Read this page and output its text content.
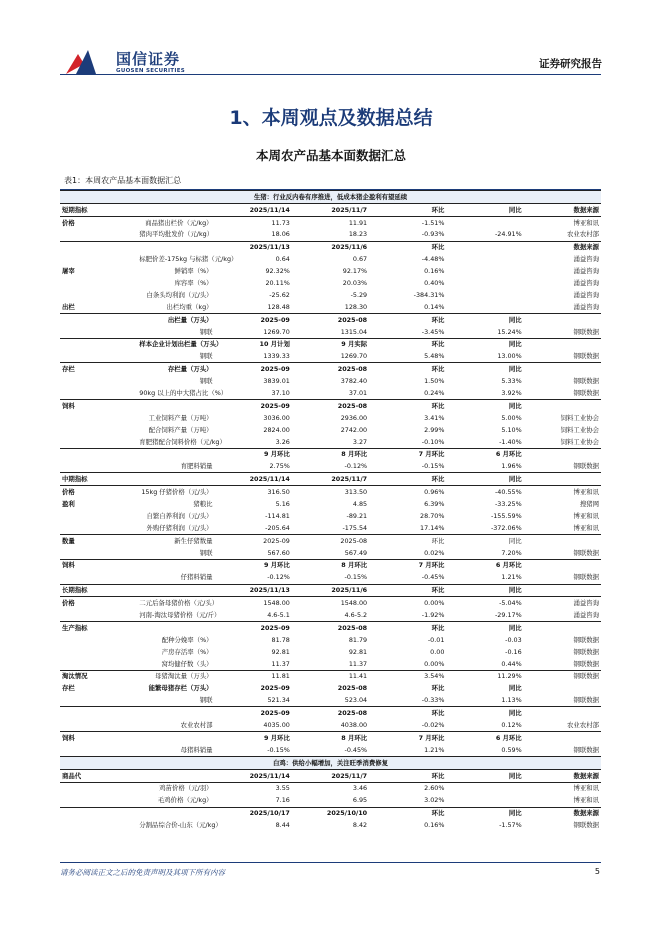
国信证券
GUOSEN SECURITIES
证券研究报告
1、本周观点及数据总结
本周农产品基本面数据汇总
表1：本周农产品基本面数据汇总
生猪：行业反内卷有序推进，低成本猪企盈利有望延续						
短期指标		2025/11/14	2025/11/7	环比	同比	数据来源
价格	商品猪出栏价（元/kg）	11.73	11.91	-1.51%		博亚和讯
	猪肉平均批发价（元/kg）	18.06	18.23	-0.93%	-24.91%	农业农村部
		2025/11/13	2025/11/6	环比		数据来源
	标肥价差-175kg 与标猪（元/kg）	0.64	0.67	-4.48%		涌益咨询
屠宰	鲜销率（%）	92.32%	92.17%	0.16%		涌益咨询
	库容率（%）	20.11%	20.03%	0.40%		涌益咨询
	白条头均利润（元/头）	-25.62	-5.29	-384.31%		涌益咨询
出栏	出栏均重（kg）	128.48	128.30	0.14%		涌益咨询
	出栏量（万头）	2025-09	2025-08	环比	同比	
	钢联	1269.70	1315.04	-3.45%	15.24%	钢联数据
	样本企业计划出栏量（万头）	10 月计划	9 月实际	环比	同比	
	钢联	1339.33	1269.70	5.48%	13.00%	钢联数据
存栏	存栏量（万头）	2025-09	2025-08	环比	同比	
	钢联	3839.01	3782.40	1.50%	5.33%	钢联数据
	90kg 以上的中大猪占比（%）	37.10	37.01	0.24%	3.92%	钢联数据
饲料		2025-09	2025-08	环比	同比	
	工业饲料产量（万吨）	3036.00	2936.00	3.41%	5.00%	饲料工业协会
	配合饲料产量（万吨）	2824.00	2742.00	2.99%	5.10%	饲料工业协会
	育肥猪配合饲料价格（元/kg）	3.26	3.27	-0.10%	-1.40%	饲料工业协会
		9 月环比	8 月环比	7 月环比	6 月环比	
	育肥料销量	2.75%	-0.12%	-0.15%	1.96%	钢联数据
中期指标		2025/11/14	2025/11/7	环比	同比	
价格	15kg 仔猪价格（元/头）	316.50	313.50	0.96%	-40.55%	博亚和讯
盈利	猪粮比	5.16	4.85	6.39%	-33.25%	搜猪网
	自繁自养利润（元/头）	-114.81	-89.21	28.70%	-155.59%	博亚和讯
	外购仔猪利润（元/头）	-205.64	-175.54	17.14%	-372.06%	博亚和讯
数量	新生仔猪数量	2025-09	2025-08	环比	同比	
	钢联	567.60	567.49	0.02%	7.20%	钢联数据
饲料		9 月环比	8 月环比	7 月环比	6 月环比	
	仔猪料销量	-0.12%	-0.15%	-0.45%	1.21%	钢联数据
长期指标		2025/11/13	2025/11/6	环比	同比	
价格	二元后备母猪价格（元/头）	1548.00	1548.00	0.00%	-5.04%	涌益咨询
	河南-淘汰母猪价格（元/斤）	4.6-5.1	4.6-5.2	-1.92%	-29.17%	涌益咨询
生产指标		2025-09	2025-08	环比	同比	
	配种分娩率（%）	81.78	81.79	-0.01	-0.03	钢联数据
	产房存活率（%）	92.81	92.81	0.00	-0.16	钢联数据
	窝均健仔数（头）	11.37	11.37	0.00%	0.44%	钢联数据
淘汰情况	母猪淘汰量（万头）	11.81	11.41	3.54%	11.29%	钢联数据
存栏	能繁母猪存栏（万头）	2025-09	2025-08	环比	同比	
	钢联	521.34	523.04	-0.33%	1.13%	钢联数据
		2025-09	2025-08	环比	同比	
	农业农村部	4035.00	4038.00	-0.02%	0.12%	农业农村部
饲料		9 月环比	8 月环比	7 月环比	6 月环比	
	母猪料销量	-0.15%	-0.45%	1.21%	0.59%	钢联数据
白鸡：供给小幅增加，关注旺季消费修复						
商品代		2025/11/14	2025/11/7	环比	同比	数据来源
	鸡苗价格（元/羽）	3.55	3.46	2.60%		博亚和讯
	毛鸡价格（元/kg）	7.16	6.95	3.02%		博亚和讯
		2025/10/17	2025/10/10	环比	同比	数据来源
	分割品综合价-山东（元/kg）	8.44	8.42	0.16%	-1.57%	钢联数据
请务必阅读正文之后的免责声明及其项下所有内容	5
